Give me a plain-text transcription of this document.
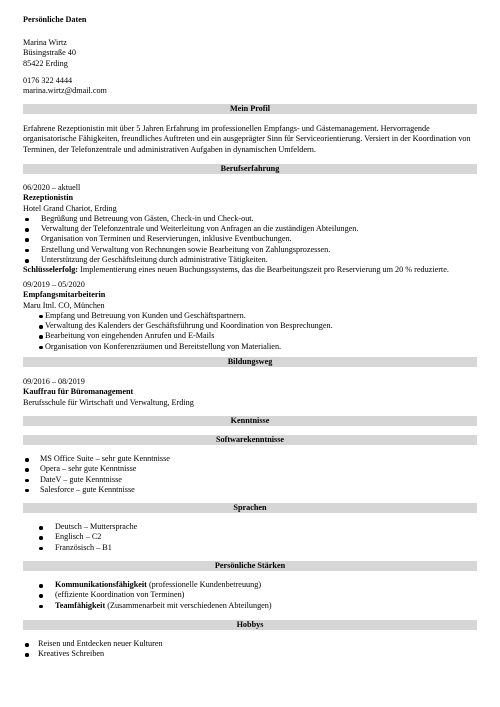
Persönliche Daten
Marina Wirtz
Büsingstraße 40
85422 Erding
0176 322 4444
marina.wirtz@dmail.com
Mein Profil
Erfahrene Rezeptionistin mit über 5 Jahren Erfahrung im professionellen Empfangs- und Gästemanagement. Hervorragende organisatorische Fähigkeiten, freundliches Auftreten und ein ausgeprägter Sinn für Serviceorientierung. Versiert in der Koordination von Terminen, der Telefonzentrale und administrativen Aufgaben in dynamischen Umfeldern.
Berufserfahrung
06/2020 – aktuell
Rezeptionistin
Hotel Grand Chariot, Erding
Begrüßung und Betreuung von Gästen, Check-in und Check-out.
Verwaltung der Telefonzentrale und Weiterleitung von Anfragen an die zuständigen Abteilungen.
Organisation von Terminen und Reservierungen, inklusive Eventbuchungen.
Erstellung und Verwaltung von Rechnungen sowie Bearbeitung von Zahlungsprozessen.
Unterstützung der Geschäftsleitung durch administrative Tätigkeiten.
Schlüsselerfolg: Implementierung eines neuen Buchungssystems, das die Bearbeitungszeit pro Reservierung um 20 % reduzierte.
09/2019 – 05/2020
Empfangsmitarbeiterin
Maru Itnl. CO, München
Empfang und Betreuung von Kunden und Geschäftspartnern.
Verwaltung des Kalenders der Geschäftsführung und Koordination von Besprechungen.
Bearbeitung von eingehenden Anrufen und E-Mails
Organisation von Konferenzräumen und Bereitstellung von Materialien.
Bildungsweg
09/2016 – 08/2019
Kauffrau für Büromanagement
Berufsschule für Wirtschaft und Verwaltung, Erding
Kenntnisse
Softwarekenntnisse
MS Office Suite – sehr gute Kenntnisse
Opera – sehr gute Kenntnisse
DateV – gute Kenntnisse
Salesforce – gute Kenntnisse
Sprachen
Deutsch – Muttersprache
Englisch – C2
Französisch – B1
Persönliche Stärken
Kommunikationsfähigkeit (professionelle Kundenbetreuung)
(effiziente Koordination von Terminen)
Teamfähigkeit (Zusammenarbeit mit verschiedenen Abteilungen)
Hobbys
Reisen und Entdecken neuer Kulturen
Kreatives Schreiben
